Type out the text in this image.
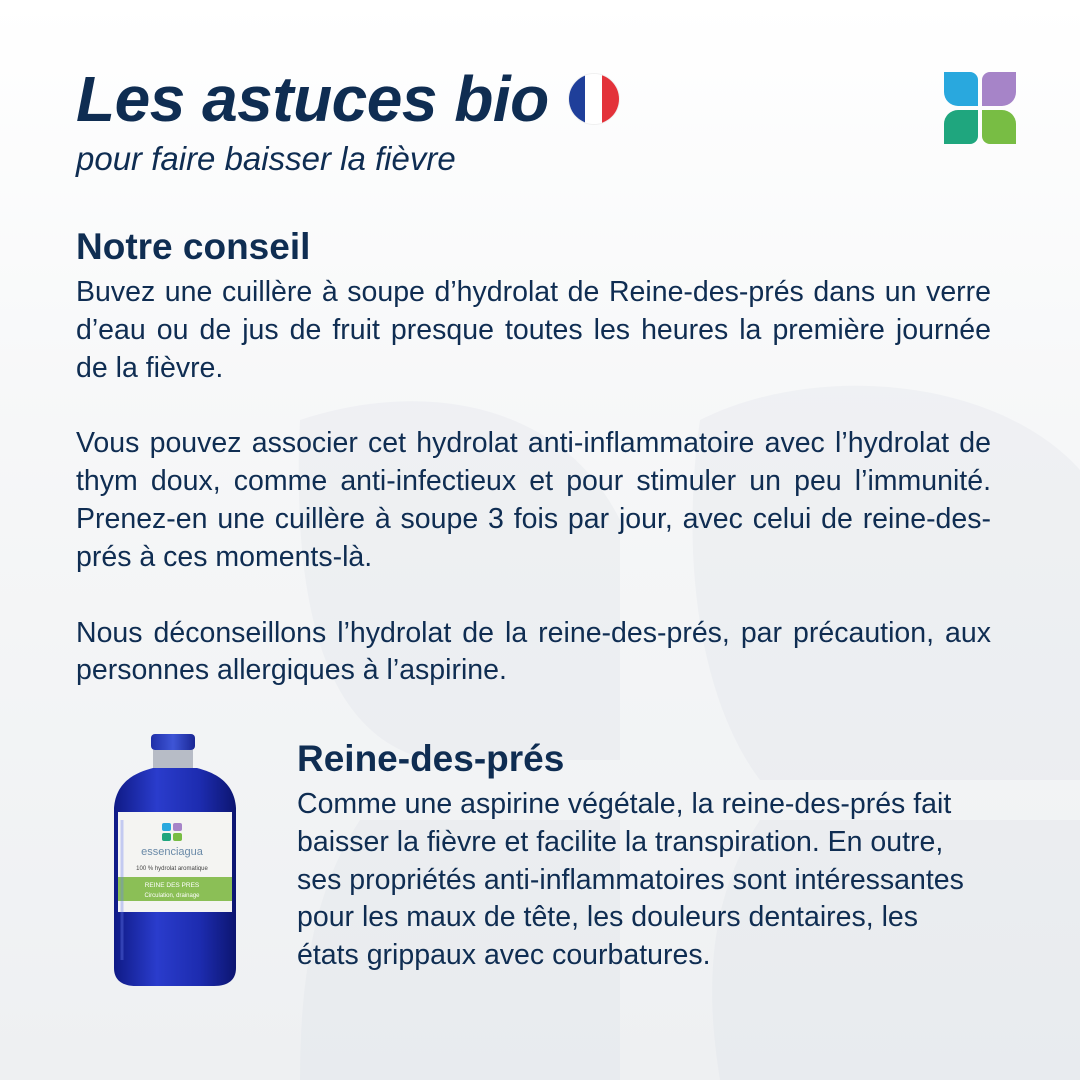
Les astuces bio
pour faire baisser la fièvre
Notre conseil

Buvez une cuillère à soupe d’hydrolat de Reine-des-prés dans un verre d’eau ou de jus de fruit presque toutes les heures la première journée de la fièvre.

Vous pouvez associer cet hydrolat anti-inflammatoire avec l’hydrolat de thym doux, comme anti-infectieux et pour stimuler un peu l’immunité. Prenez-en une cuillère à soupe 3 fois par jour, avec celui de reine-des-prés à ces moments-là.

Nous déconseillons l’hydrolat de la reine-des-prés, par précaution, aux personnes allergiques à l’aspirine.

essenciagua
100 % hydrolat aromatique
REINE DES PRES
Circulation, drainage
Reine-des-prés

Comme une aspirine végétale, la reine-des-prés fait baisser la fièvre et facilite la transpiration. En outre, ses propriétés anti-inflammatoires sont intéressantes pour les maux de tête, les douleurs dentaires, les états grippaux avec courbatures.
